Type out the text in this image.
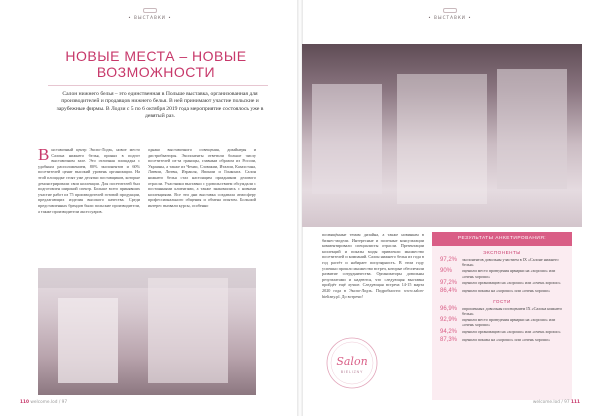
• ВЫСТАВКИ •
НОВЫЕ МЕСТА – НОВЫЕ
ВОЗМОЖНОСТИ

Салон нижнего белья – это единственная в Польше выставка, организованная для производителей и продавцов нижнего белья. В ней принимают участие польские и зарубежные фирмы. В Лодзи с 5 по 6 октября 2019 года мероприятие состоялось уже в девятый раз.

В ыставочный центр Экспо-Лодзь, новое место Салона нижнего белья, принял в подгот выставочном зале. Это отличная площадка с удобным расположением, 80% экспонентов и 60% посетителей ценят высокий уровень организации. На этой площадке стоят уже десятки поставщиков, которые демонстрировали свои коллекции. Для посетителей был подготовлен широкий спектр. Больше всего принявших участие работ из 75 производителей готовой продукции, предлагающих изделия высокого качества. Среди представленных брендов были польские производители, а также производители аксессуаров.
однако выставочного освещения, дизайнеры и дистрибьюторы. Экспоненты ответили больше числу посетителей из-за границы, главным образом из России, Украины, а также из Чехии, Словакии, Италии, Казахстана, Латвии, Литвы, Израиля, Японии и Гонконга. Салон нижнего белья стал настоящим праздником делового отрасли. Участники выставки с удовольствием обсуждали с постоянными клиентами, а также знакомились с новыми коллекциями. Все эти дни выставка создавала атмосферу профессионального общения и обмена опытом. Большой интерес вызвали курсы, особенно
110 welcome.lod / 97
• ВЫСТАВКИ •
посвящённые темам дизайна, а также новинкам в бизнес-модели. Интересные и полезные консультации комментировали специалисты отрасли. Презентации коллекций и показы моды привлекли множество посетителей и компаний. Салон нижнего белья из года в год растёт и набирает популярность. В этом году успешно прошло множество встреч, которые обеспечили развитие сотрудничества. Организаторы довольны результатами и надеются, что следующая выставка пройдёт ещё лучше. Следующая встреча 14-15 марта 2020 года в Экспо-Лодзь. Подробности: www.salon-bielizny.pl. До встречи!
Salon
BIELIZNY
РЕЗУЛЬТАТЫ АНКЕТИРОВАНИЯ:
ЭКСПОНЕНТЫ
97,2%	экспонентов довольны участием в IX «Салоне нижнего белья»
90%	оценили место проведения ярмарки на «хорошо» или «очень хорошо»
97,2%	оценили организацию на «хорошо» или «очень хорошо»
86,4%	оценили показы на «хорошо» или «очень хорошо»
ГОСТИ
96,9%	опрошенных довольны посещением IX «Салона нижнего белья»
92,9%	оценили место проведения ярмарки на «хорошо» или «очень хорошо»
94,2%	оценили организацию на «хорошо» или «очень хорошо»
87,3%	оценили показы на «хорошо» или «очень хорошо»
welcome.lod / 97 111
